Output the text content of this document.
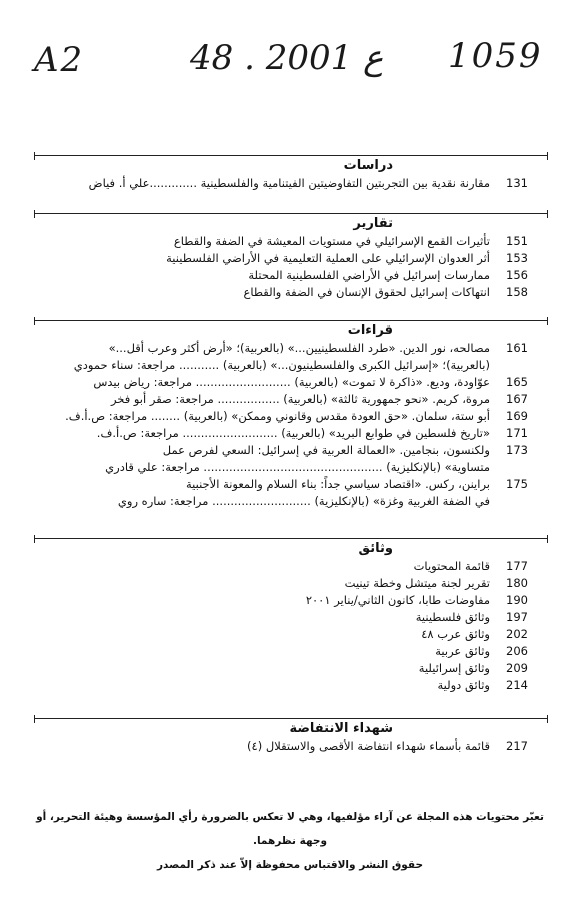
A2	48 . ع 2001 1059
دراسات
131
مقارنة نقدية بين التجربتين التفاوضيتين الفيتنامية والفلسطينية .............علي أ. فياض
تقارير
151
تأثيرات القمع الإسرائيلي في مستويات المعيشة في الضفة والقطاع
153
أثر العدوان الإسرائيلي على العملية التعليمية في الأراضي الفلسطينية
156
ممارسات إسرائيل في الأراضي الفلسطينية المحتلة
158
انتهاكات إسرائيل لحقوق الإنسان في الضفة والقطاع
قراءات
161
مصالحه، نور الدين. «طرد الفلسطينيين...» (بالعربية)؛ «أرض أكثر وعرب أقل...»
(بالعربية)؛ «إسرائيل الكبرى والفلسطينيون...» (بالعربية) ........... مراجعة: سناء حمودي
165
عوّاودة، وديع. «ذاكرة لا تموت» (بالعربية) .......................... مراجعة: رياض بيدس
167
مروة، كريم. «نحو جمهورية ثالثة» (بالعربية) ................. مراجعة: صقر أبو فخر
169
أبو ستة، سلمان. «حق العودة مقدس وقانوني وممكن» (بالعربية) ........ مراجعة: ص.أ.ف.
171
«تاريخ فلسطين في طوابع البريد» (بالعربية) .......................... مراجعة: ص.أ.ف.
173
ولكنسون، بنجامين. «العمالة العربية في إسرائيل: السعي لفرص عمل
متساوية» (بالإنكليزية) ................................................. مراجعة: علي قادري
175
براينن، ركس. «اقتصاد سياسي جداً: بناء السلام والمعونة الأجنبية
في الضفة الغربية وغزة» (بالإنكليزية) ........................... مراجعة: ساره روي
وثائق
177
قائمة المحتويات
180
تقرير لجنة ميتشل وخطة تينيت
190
مفاوضات طابا، كانون الثاني/يناير ٢٠٠١
197
وثائق فلسطينية
202
وثائق عرب ٤٨
206
وثائق عربية
209
وثائق إسرائيلية
214
وثائق دولية
شهداء الانتفاضة
217
قائمة بأسماء شهداء انتفاضة الأقصى والاستقلال (٤)
تعبّر محتويات هذه المجلة عن آراء مؤلفيها، وهي لا تعكس بالضرورة رأي المؤسسة وهيئة التحرير، أو وجهة نظرهما.
حقوق النشر والاقتباس محفوظة إلاّ عند ذكر المصدر
